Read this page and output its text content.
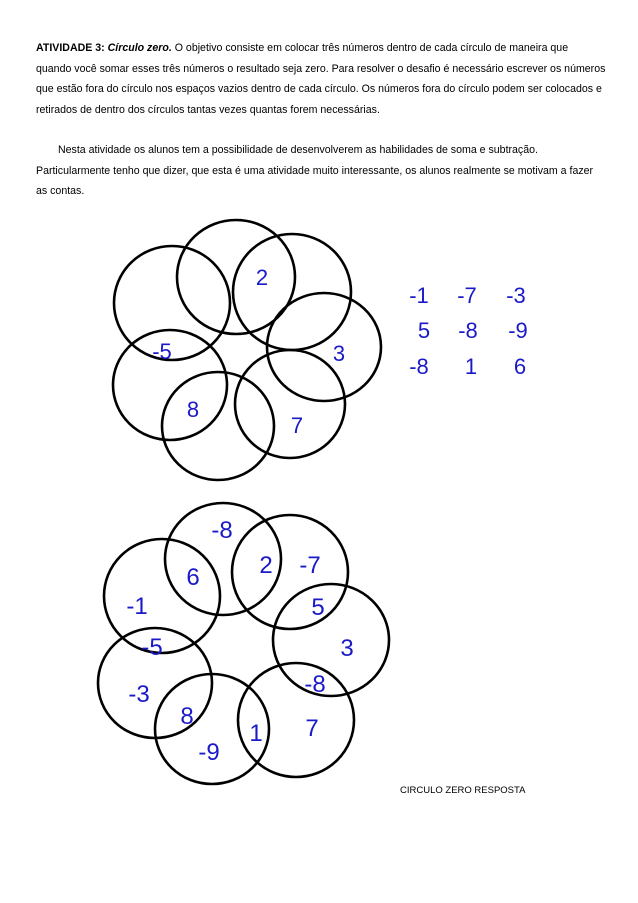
ATIVIDADE 3: Círculo zero. O objetivo consiste em colocar três números dentro de cada círculo de maneira que quando você somar esses três números o resultado seja zero. Para resolver o desafio é necessário escrever os números que estão fora do círculo nos espaços vazios dentro de cada círculo. Os números fora do círculo podem ser colocados e retirados de dentro dos círculos tantas vezes quantas forem necessárias.

Nesta atividade os alunos tem a possibilidade de desenvolverem as habilidades de soma e subtração. Particularmente tenho que dizer, que esta é uma atividade muito interessante, os alunos realmente se motivam a fazer as contas.

2
3
7
8
-5
-1 -7 -3
5 -8 -9
-8 1 6
-8
2 -7
6
-1	5
-5	3
-8
-3
8
1 7
-9
CIRCULO ZERO RESPOSTA
